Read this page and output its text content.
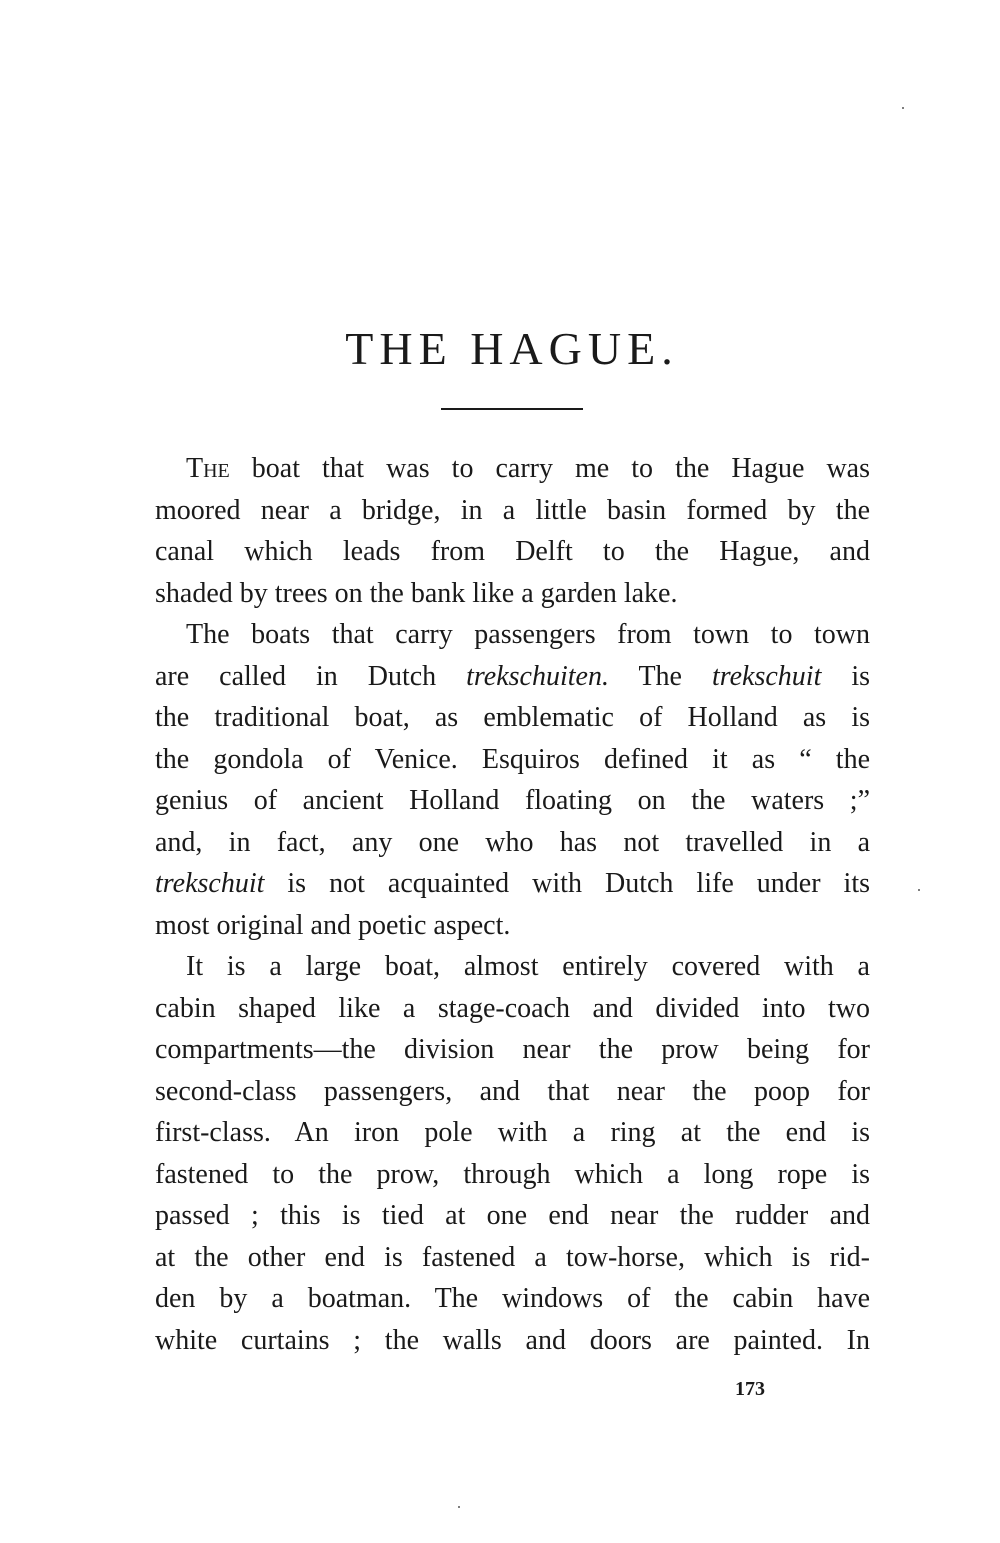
THE HAGUE.
The boat that was to carry me to the Hague was
moored near a bridge, in a little basin formed by the
canal which leads from Delft to the Hague, and
shaded by trees on the bank like a garden lake.
The boats that carry passengers from town to town
are called in Dutch trekschuiten. The trekschuit is
the traditional boat, as emblematic of Holland as is
the gondola of Venice. Esquiros defined it as “ the
genius of ancient Holland floating on the waters ;”
and, in fact, any one who has not travelled in a
trekschuit is not acquainted with Dutch life under its
most original and poetic aspect.
It is a large boat, almost entirely covered with a
cabin shaped like a stage-coach and divided into two
compartments—the division near the prow being for
second-class passengers, and that near the poop for
first-class. An iron pole with a ring at the end is
fastened to the prow, through which a long rope is
passed ; this is tied at one end near the rudder and
at the other end is fastened a tow-horse, which is rid-
den by a boatman. The windows of the cabin have
white curtains ; the walls and doors are painted. In
173
